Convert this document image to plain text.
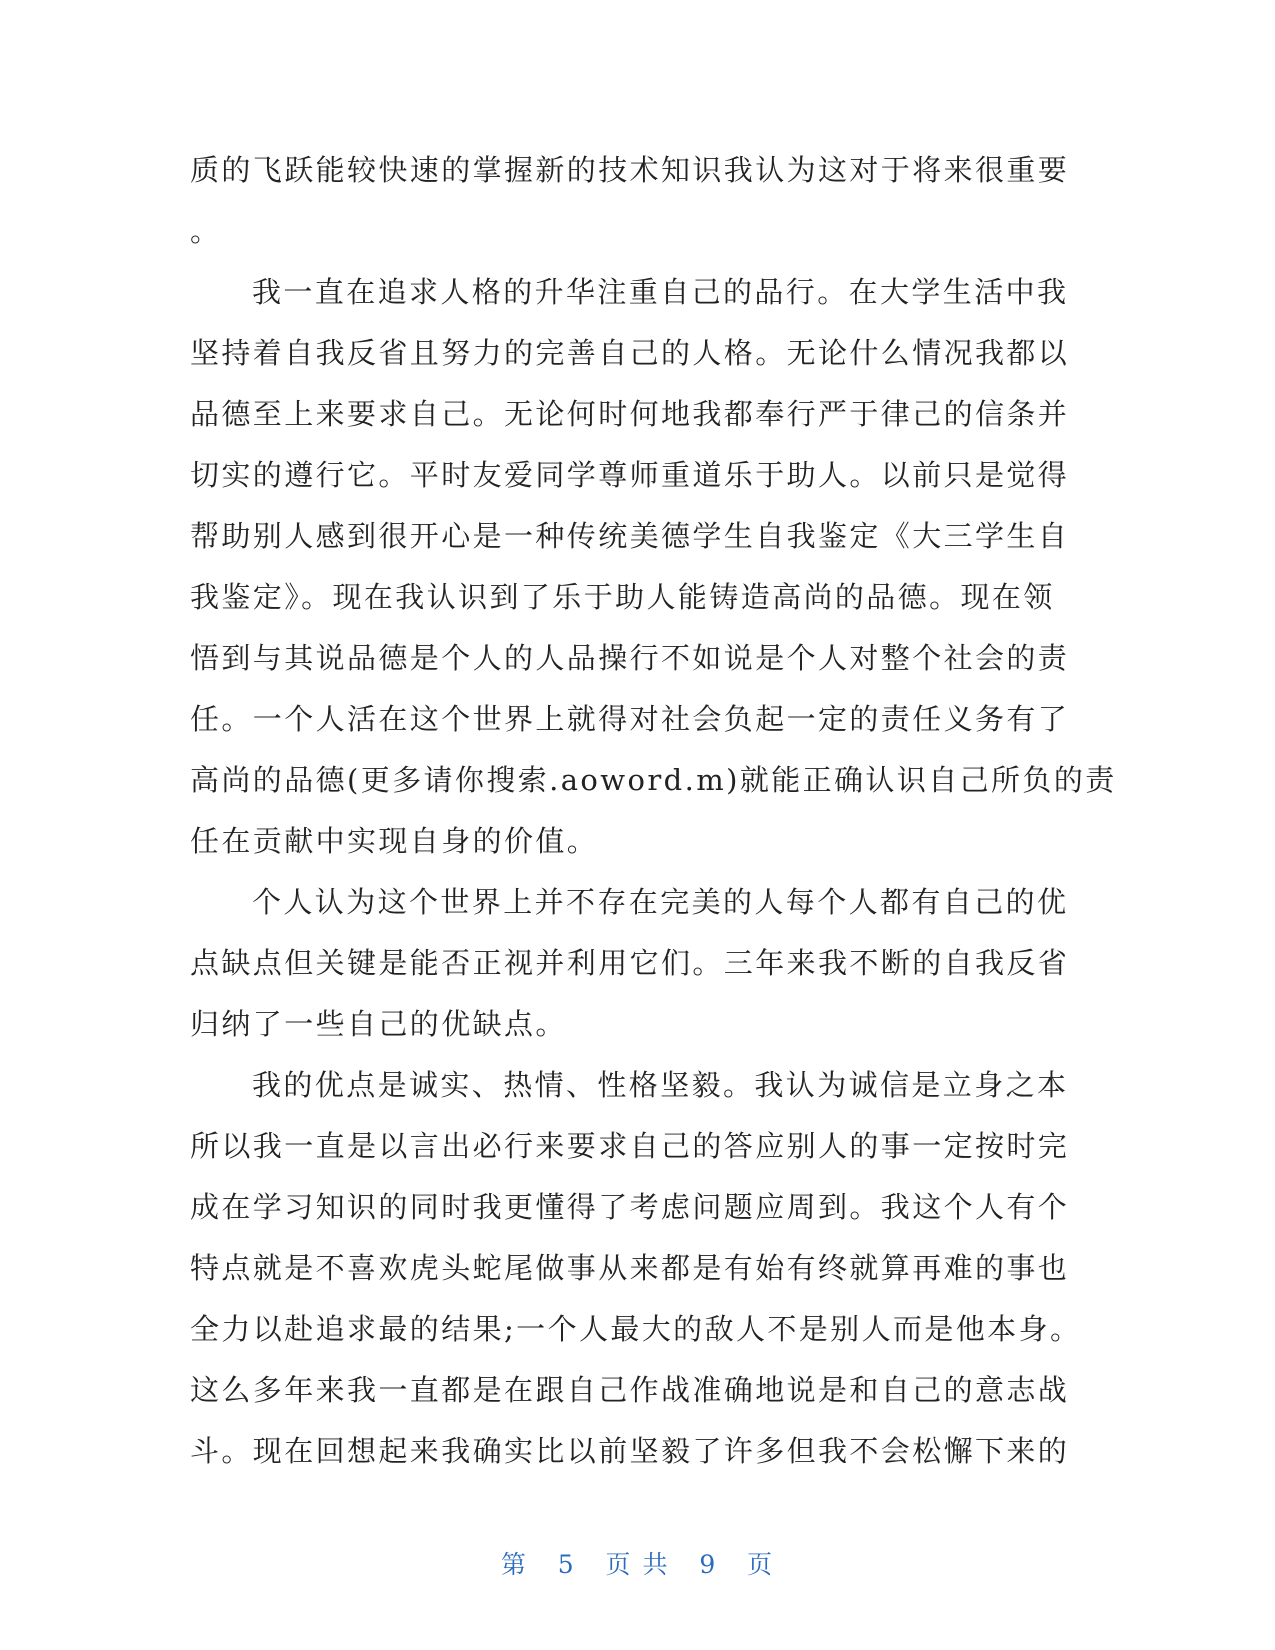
质的飞跃能较快速的掌握新的技术知识我认为这对于将来很重要
。
我一直在追求人格的升华注重自己的品行。在大学生活中我
坚持着自我反省且努力的完善自己的人格。无论什么情况我都以
品德至上来要求自己。无论何时何地我都奉行严于律己的信条并
切实的遵行它。平时友爱同学尊师重道乐于助人。以前只是觉得
帮助别人感到很开心是一种传统美德学生自我鉴定《大三学生自
我鉴定》。现在我认识到了乐于助人能铸造高尚的品德。现在领
悟到与其说品德是个人的人品操行不如说是个人对整个社会的责
任。一个人活在这个世界上就得对社会负起一定的责任义务有了
高尚的品德(更多请你搜索.aoword.m)就能正确认识自己所负的责
任在贡献中实现自身的价值。
个人认为这个世界上并不存在完美的人每个人都有自己的优
点缺点但关键是能否正视并利用它们。三年来我不断的自我反省
归纳了一些自己的优缺点。
我的优点是诚实、热情、性格坚毅。我认为诚信是立身之本
所以我一直是以言出必行来要求自己的答应别人的事一定按时完
成在学习知识的同时我更懂得了考虑问题应周到。我这个人有个
特点就是不喜欢虎头蛇尾做事从来都是有始有终就算再难的事也
全力以赴追求最的结果;一个人最大的敌人不是别人而是他本身。
这么多年来我一直都是在跟自己作战准确地说是和自己的意志战
斗。现在回想起来我确实比以前坚毅了许多但我不会松懈下来的
第 5 页 共 9 页
